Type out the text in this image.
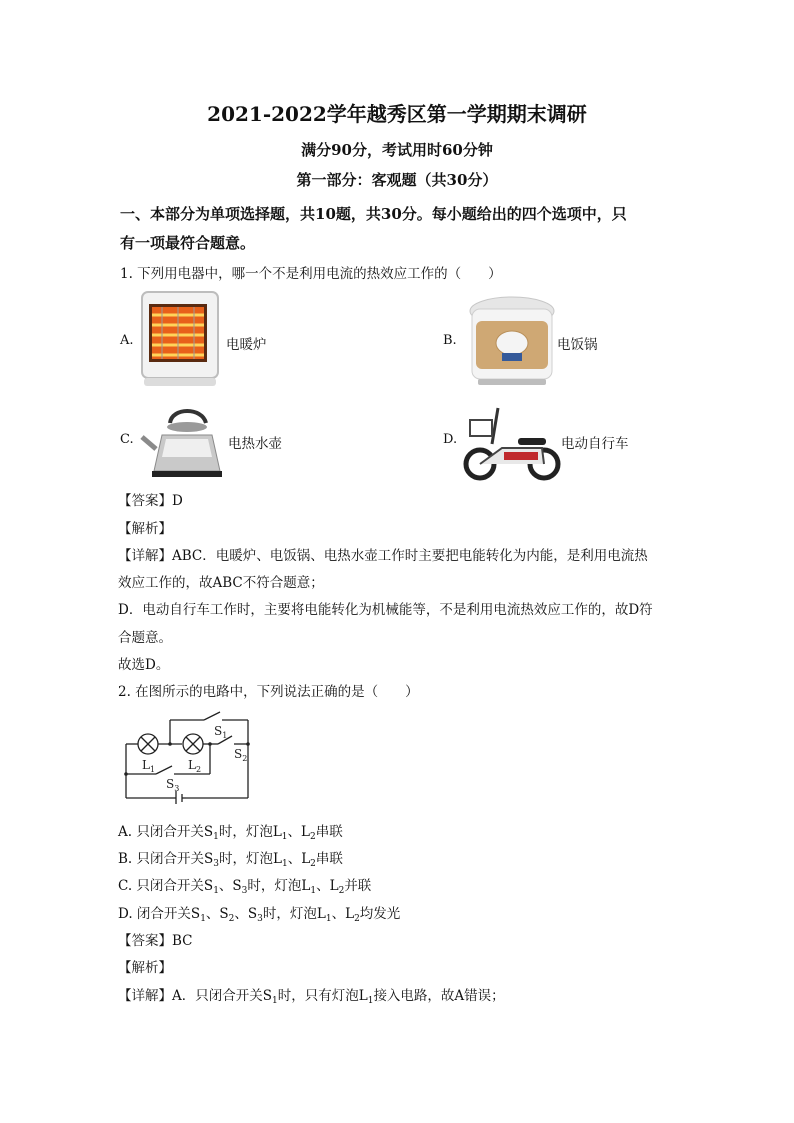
2021-2022学年越秀区第一学期期末调研
满分90分，考试用时60分钟
第一部分：客观题（共30分）
一、本部分为单项选择题，共10题，共30分。每小题给出的四个选项中，只
有一项最符合题意。
1. 下列用电器中，哪一个不是利用电流的热效应工作的（　　）
A.	电暖炉	B.	电饭锅
C.	电热水壶	D.	电动自行车
【答案】D
【解析】
【详解】ABC．电暖炉、电饭锅、电热水壶工作时主要把电能转化为内能，是利用电流热
效应工作的，故ABC不符合题意；
D．电动自行车工作时，主要将电能转化为机械能等，不是利用电流热效应工作的，故D符
合题意。
故选D。
2. 在图所示的电路中，下列说法正确的是（　　）
$S_1$
$S_2$
$S_3$
$L_1$	$L_2$
A. 只闭合开关$S_1$时，灯泡$L_1$、$L_2$串联
B. 只闭合开关$S_3$时，灯泡$L_1$、$L_2$串联
C. 只闭合开关$S_1$、$S_3$时，灯泡$L_1$、$L_2$并联
D. 闭合开关$S_1$、$S_2$、$S_3$时，灯泡$L_1$、$L_2$均发光
【答案】BC
【解析】
【详解】A．只闭合开关$S_1$时，只有灯泡$L_1$接入电路，故A错误；
